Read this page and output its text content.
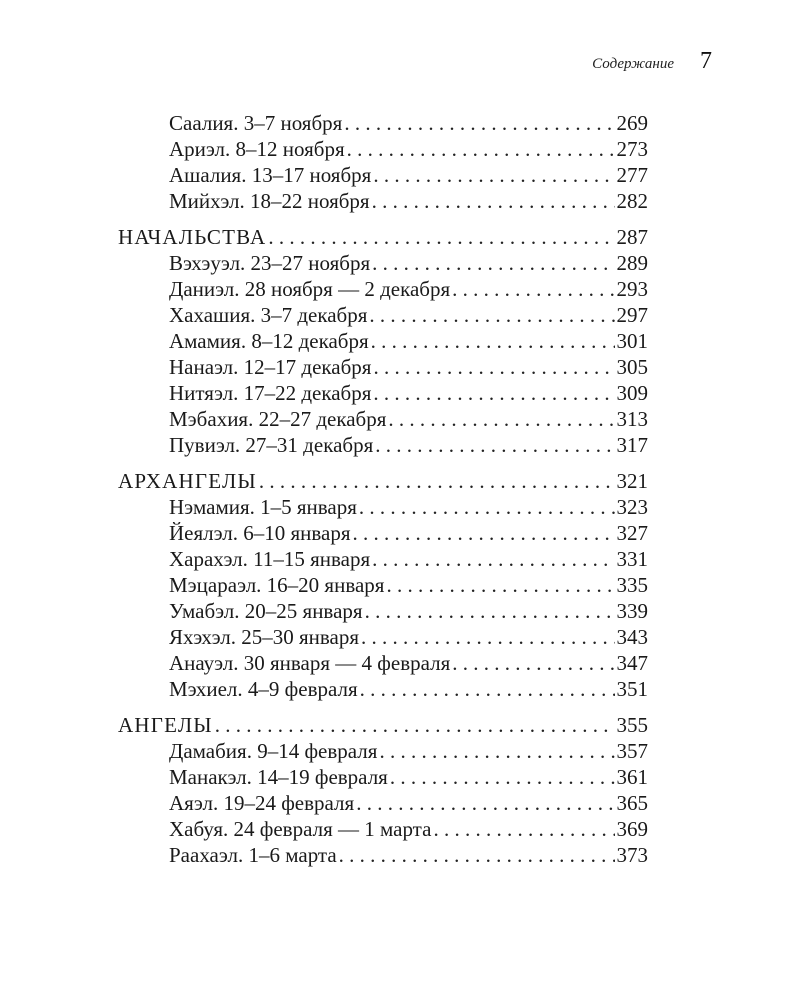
Содержание 7
Саалия. 3–7 ноября . . .	269
Ариэл. 8–12 ноября . . .	273
Ашалия. 13–17 ноября . . .	277
Мийхэл. 18–22 ноября . . .	282
НАЧАЛЬСТВА . . .	287
Вэхэуэл. 23–27 ноября . . .	289
Даниэл. 28 ноября — 2 декабря . . .	293
Хахашия. 3–7 декабря . . .	297
Амамия. 8–12 декабря . . .	301
Нанаэл. 12–17 декабря . . .	305
Нитяэл. 17–22 декабря . . .	309
Мэбахия. 22–27 декабря . . .	313
Пувиэл. 27–31 декабря . . .	317
АРХАНГЕЛЫ . . .	321
Нэмамия. 1–5 января . . .	323
Йеялэл. 6–10 января . . .	327
Харахэл. 11–15 января . . .	331
Мэцараэл. 16–20 января . . .	335
Умабэл. 20–25 января . . .	339
Яхэхэл. 25–30 января . . .	343
Анауэл. 30 января — 4 февраля . . .	347
Мэхиел. 4–9 февраля . . .	351
АНГЕЛЫ . . .	355
Дамабия. 9–14 февраля . . .	357
Манакэл. 14–19 февраля . . .	361
Аяэл. 19–24 февраля . . .	365
Хабуя. 24 февраля — 1 марта . . .	369
Раахаэл. 1–6 марта . . .	373
